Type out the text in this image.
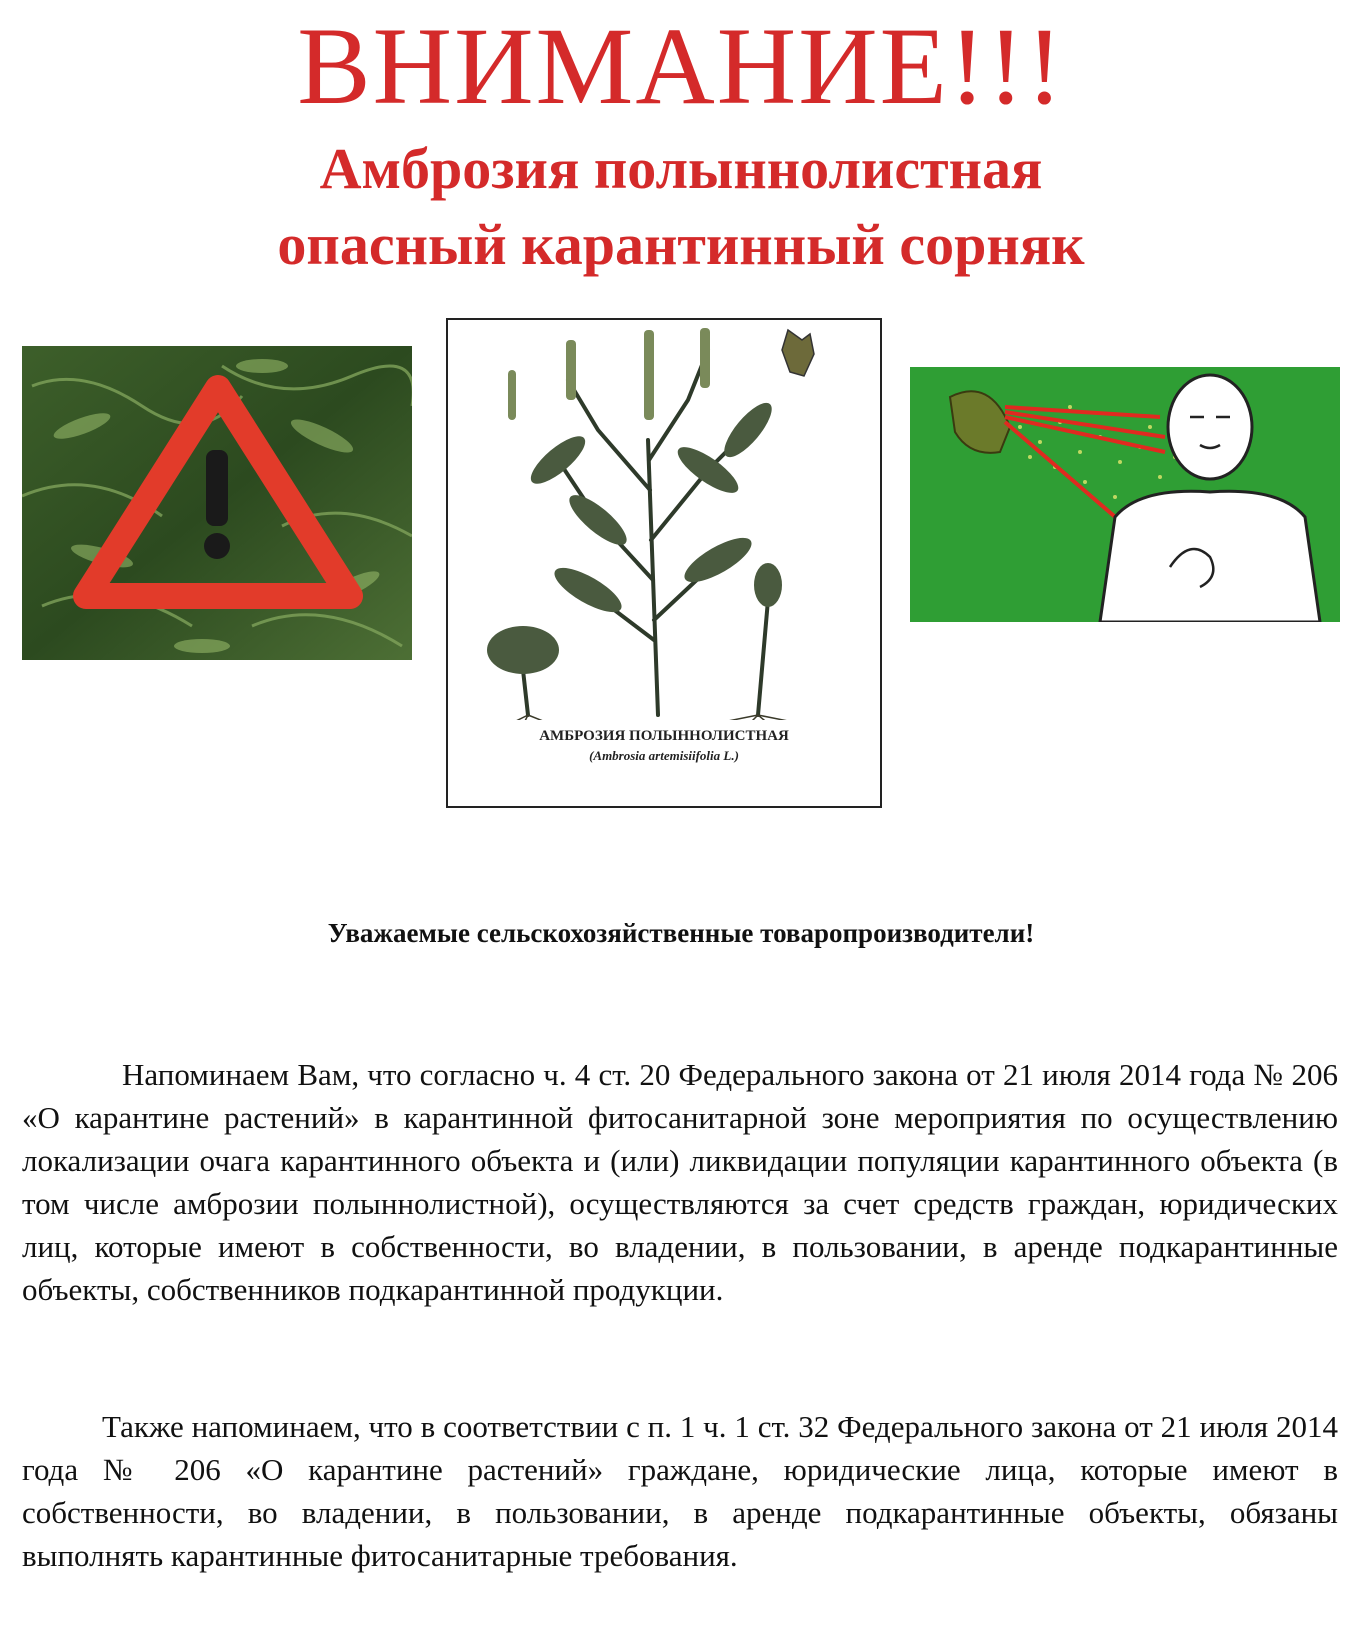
ВНИМАНИЕ!!!
Амброзия полыннолистная
опасный карантинный сорняк
АМБРОЗИЯ ПОЛЫННОЛИСТНАЯ
(Ambrosia artemisiifolia L.)

Уважаемые сельскохозяйственные товаропроизводители!

Напоминаем Вам, что согласно ч. 4 ст. 20 Федерального закона от 21 июля 2014 года № 206 «О карантине растений» в карантинной фитосанитарной зоне мероприятия по осуществлению локализации очага карантинного объекта и (или) ликвидации популяции карантинного объекта (в том числе амброзии полыннолистной), осуществляются за счет средств граждан, юридических лиц, которые имеют в собственности, во владении, в пользовании, в аренде подкарантинные объекты, собственников подкарантинной продукции.

Также напоминаем, что в соответствии с п. 1 ч. 1 ст. 32 Федерального закона от 21 июля 2014 года № 206 «О карантине растений» граждане, юридические лица, которые имеют в собственности, во владении, в пользовании, в аренде подкарантинные объекты, обязаны выполнять карантинные фитосанитарные требования.
